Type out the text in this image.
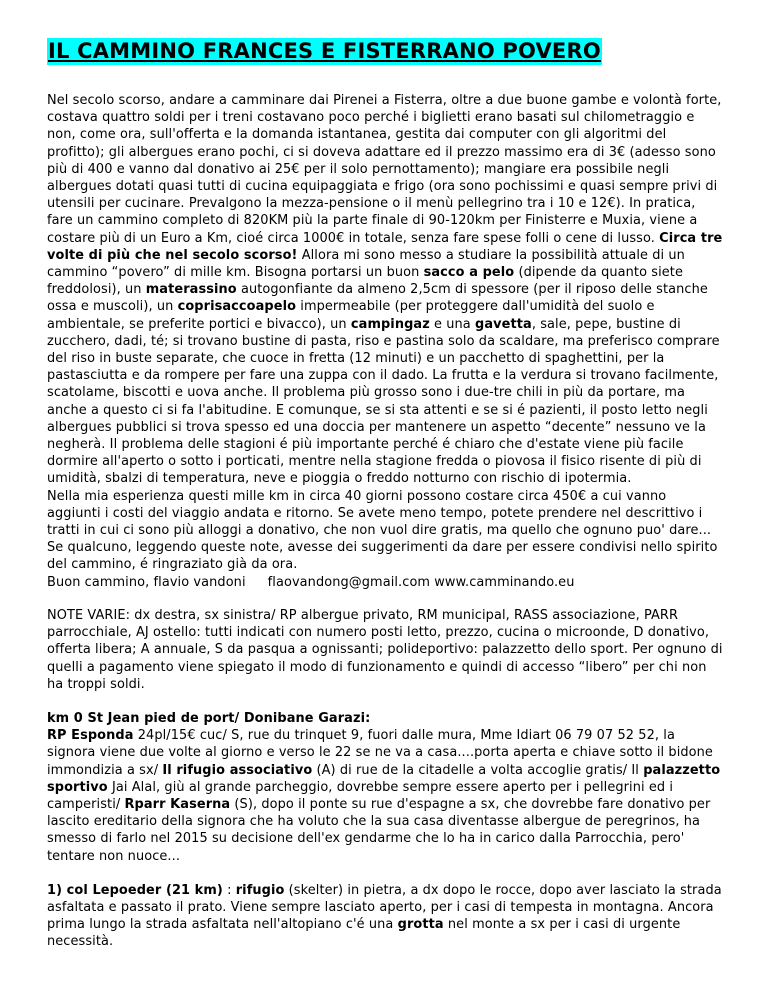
IL CAMMINO FRANCES E FISTERRANO POVERO

Nel secolo scorso, andare a camminare dai Pirenei a Fisterra, oltre a due buone gambe e volontà forte, costava quattro soldi per i treni costavano poco perché i biglietti erano basati sul chilometraggio e non, come ora, sull'offerta e la domanda istantanea, gestita dai computer con gli algoritmi del profitto); gli albergues erano pochi, ci si doveva adattare ed il prezzo massimo era di 3€ (adesso sono più di 400 e vanno dal donativo ai 25€ per il solo pernottamento); mangiare era possibile negli albergues dotati quasi tutti di cucina equipaggiata e frigo (ora sono pochissimi e quasi sempre privi di utensili per cucinare. Prevalgono la mezza-pensione o il menù pellegrino tra i 10 e 12€). In pratica, fare un cammino completo di 820KM più la parte finale di 90-120km per Finisterre e Muxia, viene a costare più di un Euro a Km, cioé circa 1000€ in totale, senza fare spese folli o cene di lusso. Circa tre volte di più che nel secolo scorso! Allora mi sono messo a studiare la possibilità attuale di un cammino “povero” di mille km. Bisogna portarsi un buon sacco a pelo (dipende da quanto siete freddolosi), un materassino autogonfiante da almeno 2,5cm di spessore (per il riposo delle stanche ossa e muscoli), un coprisaccoapelo impermeabile (per proteggere dall'umidità del suolo e ambientale, se preferite portici e bivacco), un campingaz e una gavetta, sale, pepe, bustine di zucchero, dadi, té; si trovano bustine di pasta, riso e pastina solo da scaldare, ma preferisco comprare del riso in buste separate, che cuoce in fretta (12 minuti) e un pacchetto di spaghettini, per la pastasciutta e da rompere per fare una zuppa con il dado. La frutta e la verdura si trovano facilmente, scatolame, biscotti e uova anche. Il problema più grosso sono i due-tre chili in più da portare, ma anche a questo ci si fa l'abitudine. E comunque, se si sta attenti e se si é pazienti, il posto letto negli albergues pubblici si trova spesso ed una doccia per mantenere un aspetto “decente” nessuno ve la negherà. Il problema delle stagioni é più importante perché é chiaro che d'estate viene più facile dormire all'aperto o sotto i porticati, mentre nella stagione fredda o piovosa il fisico risente di più di umidità, sbalzi di temperatura, neve e pioggia o freddo notturno con rischio di ipotermia.

Nella mia esperienza questi mille km in circa 40 giorni possono costare circa 450€ a cui vanno aggiunti i costi del viaggio andata e ritorno. Se avete meno tempo, potete prendere nel descrittivo i tratti in cui ci sono più alloggi a donativo, che non vuol dire gratis, ma quello che ognuno puo' dare...

Se qualcuno, leggendo queste note, avesse dei suggerimenti da dare per essere condivisi nello spirito del cammino, é ringraziato già da ora.

Buon cammino, flavio vandoni flaovandong@gmail.com www.camminando.eu

NOTE VARIE: dx destra, sx sinistra/ RP albergue privato, RM municipal, RASS associazione, PARR parrocchiale, AJ ostello: tutti indicati con numero posti letto, prezzo, cucina o microonde, D donativo, offerta libera; A annuale, S da pasqua a ognissanti; polideportivo: palazzetto dello sport. Per ognuno di quelli a pagamento viene spiegato il modo di funzionamento e quindi di accesso “libero” per chi non ha troppi soldi.

km 0 St Jean pied de port/ Donibane Garazi:
RP Esponda 24pl/15€ cuc/ S, rue du trinquet 9, fuori dalle mura, Mme Idiart 06 79 07 52 52, la signora viene due volte al giorno e verso le 22 se ne va a casa....porta aperta e chiave sotto il bidone immondizia a sx/ Il rifugio associativo (A) di rue de la citadelle a volta accoglie gratis/ Il palazzetto sportivo Jai Alal, giù al grande parcheggio, dovrebbe sempre essere aperto per i pellegrini ed i camperisti/ Rparr Kaserna (S), dopo il ponte su rue d'espagne a sx, che dovrebbe fare donativo per lascito ereditario della signora che ha voluto che la sua casa diventasse albergue de peregrinos, ha smesso di farlo nel 2015 su decisione dell'ex gendarme che lo ha in carico dalla Parrocchia, pero' tentare non nuoce...

1) col Lepoeder (21 km) : rifugio (skelter) in pietra, a dx dopo le rocce, dopo aver lasciato la strada asfaltata e passato il prato. Viene sempre lasciato aperto, per i casi di tempesta in montagna. Ancora prima lungo la strada asfaltata nell'altopiano c'é una grotta nel monte a sx per i casi di urgente necessità.
